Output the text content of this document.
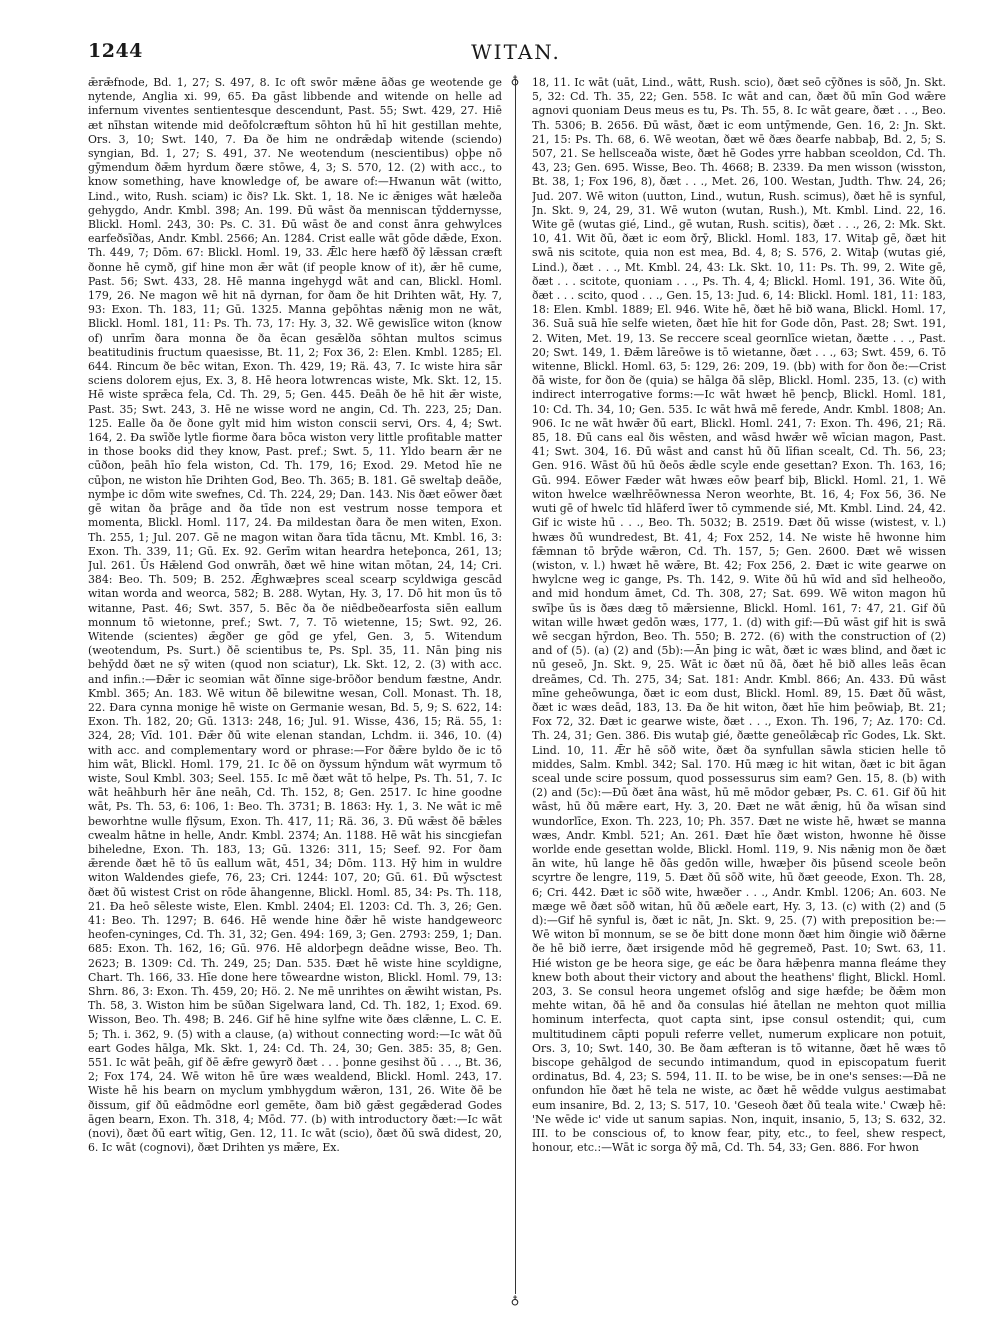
1244	WITAN.
♁
♁

ǣrǣfnode, Bd. 1, 27; S. 497, 8. Ic oft swōr mǣne āðas ge weotende ge nytende, Anglia xi. 99, 65. Ða gāst libbende and witende on helle ad infernum viventes sentientesque descendunt, Past. 55; Swt. 429, 27. Hiē æt nīhstan witende mid deōfolcræftum sōhton hū hī hit gestillan mehte, Ors. 3, 10; Swt. 140, 7. Ða ðe him ne ondrǣdaþ witende (sciendo) syngian, Bd. 1, 27; S. 491, 37. Ne weotendum (nescientibus) oþþe nō gȳmendum ðǣm hyrdum ðære stōwe, 4, 3; S. 570, 12. (2) with acc., to know something, have knowledge of, be aware of:—Hwanun wāt (witto, Lind., wito, Rush. sciam) ic ðis? Lk. Skt. 1, 18. Ne ic ǣniges wāt hæleða gehygdo, Andr. Kmbl. 398; An. 199. Ðū wāst ða menniscan tȳddernysse, Blickl. Homl. 243, 30: Ps. C. 31. Ðū wāst ðe and const ānra gehwylces earfeðsīðas, Andr. Kmbl. 2566; An. 1284. Crist ealle wāt gōde dǣde, Exon. Th. 449, 7; Dōm. 67: Blickl. Homl. 19, 33. Ǣlc here hæfð ðȳ lǣssan cræft ðonne hē cymð, gif hine mon ǣr wāt (if people know of it), ǣr hē cume, Past. 56; Swt. 433, 28. Hē manna ingehygd wāt and can, Blickl. Homl. 179, 26. Ne magon wē hit nā dyrnan, for ðam ðe hit Drihten wāt, Hy. 7, 93: Exon. Th. 183, 11; Gū. 1325. Manna geþōhtas nǣnig mon ne wāt, Blickl. Homl. 181, 11: Ps. Th. 73, 17: Hy. 3, 32. Wē gewislīce witon (know of) unrīm ðara monna ðe ða ēcan gesǣlða sōhtan multos scimus beatitudinis fructum quaesisse, Bt. 11, 2; Fox 36, 2: Elen. Kmbl. 1285; El. 644. Rincum ðe bēc witan, Exon. Th. 429, 19; Rä. 43, 7. Ic wiste hira sār sciens dolorem ejus, Ex. 3, 8. Hē heora lotwrencas wiste, Mk. Skt. 12, 15. Hē wiste sprǣca fela, Cd. Th. 29, 5; Gen. 445. Ðeāh ðe hē hit ǣr wiste, Past. 35; Swt. 243, 3. Hē ne wisse word ne angin, Cd. Th. 223, 25; Dan. 125. Ealle ða ðe ðone gylt mid him wiston conscii servi, Ors. 4, 4; Swt. 164, 2. Ða swīðe lytle fiorme ðara bōca wiston very little profitable matter in those books did they know, Past. pref.; Swt. 5, 11. Yldo bearn ǣr ne cūðon, þeāh hīo fela wiston, Cd. Th. 179, 16; Exod. 29. Metod hīe ne cūþon, ne wiston hīe Drihten God, Beo. Th. 365; B. 181. Gē sweltaþ deāðe, nymþe ic dōm wite swefnes, Cd. Th. 224, 29; Dan. 143. Nis ðæt eōwer ðæt gē witan ða þrāge and ða tīde non est vestrum nosse tempora et momenta, Blickl. Homl. 117, 24. Ða mildestan ðara ðe men witen, Exon. Th. 255, 1; Jul. 207. Gē ne magon witan ðara tīda tācnu, Mt. Kmbl. 16, 3: Exon. Th. 339, 11; Gū. Ex. 92. Gerīm witan heardra heteþonca, 261, 13; Jul. 261. Ūs Hǣlend God onwrāh, ðæt wē hine witan mōtan, 24, 14; Cri. 384: Beo. Th. 509; B. 252. Ǣghwæþres sceal scearp scyldwiga gescād witan worda and weorca, 582; B. 288. Wytan, Hy. 3, 17. Dō hit mon ūs tō witanne, Past. 46; Swt. 357, 5. Bēc ða ðe niēdbeðearfosta siēn eallum monnum tō wietonne, pref.; Swt. 7, 7. Tō wietenne, 15; Swt. 92, 26. Witende (scientes) ǣgðer ge gōd ge yfel, Gen. 3, 5. Witendum (weotendum, Ps. Surt.) ðē scientibus te, Ps. Spl. 35, 11. Nān þing nis behȳdd ðæt ne sȳ witen (quod non sciatur), Lk. Skt. 12, 2. (3) with acc. and infin.:—Ðǣr ic seomian wāt ðīnne sige-brōðor bendum fæstne, Andr. Kmbl. 365; An. 183. Wē witun ðē bilewitne wesan, Coll. Monast. Th. 18, 22. Ðara cynna monige hē wiste on Germanie wesan, Bd. 5, 9; S. 622, 14: Exon. Th. 182, 20; Gū. 1313: 248, 16; Jul. 91. Wisse, 436, 15; Rä. 55, 1: 324, 28; Vīd. 101. Ðǣr ðū wite elenan standan, Lchdm. ii. 346, 10. (4) with acc. and complementary word or phrase:—For ðǣre byldo ðe ic tō him wāt, Blickl. Homl. 179, 21. Ic ðē on ðyssum hȳndum wāt wyrmum tō wiste, Soul Kmbl. 303; Seel. 155. Ic mē ðæt wāt tō helpe, Ps. Th. 51, 7. Ic wāt heāhburh hēr āne neāh, Cd. Th. 152, 8; Gen. 2517. Ic hine goodne wāt, Ps. Th. 53, 6: 106, 1: Beo. Th. 3731; B. 1863: Hy. 1, 3. Ne wāt ic mē beworhtne wulle flȳsum, Exon. Th. 417, 11; Rä. 36, 3. Ðū wǣst ðē bǣles cwealm hātne in helle, Andr. Kmbl. 2374; An. 1188. Hē wāt his sincgiefan biheledne, Exon. Th. 183, 13; Gū. 1326: 311, 15; Seef. 92. For ðam ǣrende ðæt hē tō ūs eallum wāt, 451, 34; Dōm. 113. Hȳ him in wuldre witon Waldendes giefe, 76, 23; Cri. 1244: 107, 20; Gū. 61. Ðū wȳsctest ðæt ðū wistest Crist on rōde āhangenne, Blickl. Homl. 85, 34: Ps. Th. 118, 21. Ða heō sēleste wiste, Elen. Kmbl. 2404; El. 1203: Cd. Th. 3, 26; Gen. 41: Beo. Th. 1297; B. 646. Hē wende hine ðǣr hē wiste handgeweorc heofen-cyninges, Cd. Th. 31, 32; Gen. 494: 169, 3; Gen. 2793: 259, 1; Dan. 685: Exon. Th. 162, 16; Gū. 976. Hē aldorþegn deādne wisse, Beo. Th. 2623; B. 1309: Cd. Th. 249, 25; Dan. 535. Ðæt hē wiste hine scyldigne, Chart. Th. 166, 33. Hīe done here tōweardne wiston, Blickl. Homl. 79, 13: Shrn. 86, 3: Exon. Th. 459, 20; Hö. 2. Ne mē unrihtes on ǣwiht wistan, Ps. Th. 58, 3. Wiston him be sūðan Sigelwara land, Cd. Th. 182, 1; Exod. 69. Wisson, Beo. Th. 498; B. 246. Gif hē hine sylfne wite ðæs clǣnne, L. C. E. 5; Th. i. 362, 9. (5) with a clause, (a) without connecting word:—Ic wāt ðū eart Godes hālga, Mk. Skt. 1, 24: Cd. Th. 24, 30; Gen. 385: 35, 8; Gen. 551. Ic wāt þeāh, gif ðē ǣfre gewyrð ðæt . . . þonne gesihst ðū . . ., Bt. 36, 2; Fox 174, 24. Wē witon hē ūre wæs wealdend, Blickl. Homl. 243, 17. Wiste hē his bearn on myclum ymbhygdum wǣron, 131, 26. Wite ðē be ðissum, gif ðū eādmōdne eorl gemēte, ðam bið gǣst gegǣderad Godes āgen bearn, Exon. Th. 318, 4; Mōd. 77. (b) with introductory ðæt:—Ic wāt (novi), ðæt ðū eart wītig, Gen. 12, 11. Ic wāt (scio), ðæt ðū swā didest, 20, 6. Ic wāt (cognovi), ðæt Drihten ys mǣre, Ex.

18, 11. Ic wāt (uāt, Lind., wātt, Rush. scio), ðæt seō cȳðnes is sōð, Jn. Skt. 5, 32: Cd. Th. 35, 22; Gen. 558. Ic wāt and can, ðæt ðū mīn God wǣre agnovi quoniam Deus meus es tu, Ps. Th. 55, 8. Ic wāt geare, ðæt . . ., Beo. Th. 5306; B. 2656. Ðū wāst, ðæt ic eom untȳmende, Gen. 16, 2: Jn. Skt. 21, 15: Ps. Th. 68, 6. Wē weotan, ðæt wē ðæs ðearfe nabbaþ, Bd. 2, 5; S. 507, 21. Se hellsceaða wiste, ðæt hē Godes yrre habban sceoldon, Cd. Th. 43, 23; Gen. 695. Wisse, Beo. Th. 4668; B. 2339. Ða men wisson (wisston, Bt. 38, 1; Fox 196, 8), ðæt . . ., Met. 26, 100. Westan, Judth. Thw. 24, 26; Jud. 207. Wē witon (uutton, Lind., wutun, Rush. scimus), ðæt hē is synful, Jn. Skt. 9, 24, 29, 31. Wē wuton (wutan, Rush.), Mt. Kmbl. Lind. 22, 16. Wite gē (wutas gié, Lind., gē wutan, Rush. scitis), ðæt . . ., 26, 2: Mk. Skt. 10, 41. Wit ðū, ðæt ic eom ðrȳ, Blickl. Homl. 183, 17. Witaþ gē, ðæt hit swā nis scitote, quia non est mea, Bd. 4, 8; S. 576, 2. Witaþ (wutas gié, Lind.), ðæt . . ., Mt. Kmbl. 24, 43: Lk. Skt. 10, 11: Ps. Th. 99, 2. Wite gē, ðæt . . . scitote, quoniam . . ., Ps. Th. 4, 4; Blickl. Homl. 191, 36. Wite ðū, ðæt . . . scito, quod . . ., Gen. 15, 13: Jud. 6, 14: Blickl. Homl. 181, 11: 183, 18: Elen. Kmbl. 1889; El. 946. Wite hē, ðæt hē bið wana, Blickl. Homl. 17, 36. Suā suā hīe selfe wieten, ðæt hīe hit for Gode dōn, Past. 28; Swt. 191, 2. Witen, Met. 19, 13. Se reccere sceal geornlīce wietan, ðætte . . ., Past. 20; Swt. 149, 1. Ðǣm lāreōwe is tō wietanne, ðæt . . ., 63; Swt. 459, 6. Tō witenne, Blickl. Homl. 63, 5: 129, 26: 209, 19. (bb) with for ðon ðe:—Crist ðā wiste, for ðon ðe (quia) se hālga ðā slēp, Blickl. Homl. 235, 13. (c) with indirect interrogative forms:—Ic wāt hwæt hē þencþ, Blickl. Homl. 181, 10: Cd. Th. 34, 10; Gen. 535. Ic wāt hwā mē ferede, Andr. Kmbl. 1808; An. 906. Ic ne wāt hwǣr ðū eart, Blickl. Homl. 241, 7: Exon. Th. 496, 21; Rä. 85, 18. Ðū cans eal ðis wēsten, and wāsd hwǣr wē wīcian magon, Past. 41; Swt. 304, 16. Ðū wāst and canst hū ðū līfian scealt, Cd. Th. 56, 23; Gen. 916. Wāst ðū hū ðeōs ǣdle scyle ende gesettan? Exon. Th. 163, 16; Gū. 994. Eōwer Fæder wāt hwæs eōw þearf biþ, Blickl. Homl. 21, 1. Wē witon hwelce wælhrēōwnessa Neron weorhte, Bt. 16, 4; Fox 56, 36. Ne wuti gē of hwelc tīd hlāferd īwer tō cymmende sié, Mt. Kmbl. Lind. 24, 42. Gif ic wiste hū . . ., Beo. Th. 5032; B. 2519. Ðæt ðū wisse (wistest, v. l.) hwæs ðū wundredest, Bt. 41, 4; Fox 252, 14. Ne wiste hē hwonne him fǣmnan tō brȳde wǣron, Cd. Th. 157, 5; Gen. 2600. Ðæt wē wissen (wiston, v. l.) hwæt hē wǣre, Bt. 42; Fox 256, 2. Ðæt ic wite gearwe on hwylcne weg ic gange, Ps. Th. 142, 9. Wite ðū hū wīd and sīd helheoðo, and mid hondum āmet, Cd. Th. 308, 27; Sat. 699. Wē witon magon hū swīþe ūs is ðæs dæg tō mǣrsienne, Blickl. Homl. 161, 7: 47, 21. Gif ðū witan wille hwæt gedōn wæs, 177, 1. (d) with gif:—Ðū wāst gif hit is swā wē secgan hȳrdon, Beo. Th. 550; B. 272. (6) with the construction of (2) and of (5). (a) (2) and (5b):—Ān þing ic wāt, ðæt ic wæs blind, and ðæt ic nū geseō, Jn. Skt. 9, 25. Wāt ic ðæt nū ðā, ðæt hē bið alles leās ēcan dreāmes, Cd. Th. 275, 34; Sat. 181: Andr. Kmbl. 866; An. 433. Ðū wāst mīne geheōwunga, ðæt ic eom dust, Blickl. Homl. 89, 15. Ðæt ðū wāst, ðæt ic wæs deād, 183, 13. Ða ðe hit witon, ðæt hīe him þeōwiaþ, Bt. 21; Fox 72, 32. Ðæt ic gearwe wiste, ðæt . . ., Exon. Th. 196, 7; Az. 170: Cd. Th. 24, 31; Gen. 386. Ðis wutaþ gié, ðætte geneōlǣcaþ rīc Godes, Lk. Skt. Lind. 10, 11. Ǣr hē sōð wite, ðæt ða synfullan sāwla sticien helle tō middes, Salm. Kmbl. 342; Sal. 170. Hū mæg ic hit witan, ðæt ic bit āgan sceal unde scire possum, quod possessurus sim eam? Gen. 15, 8. (b) with (2) and (5c):—Ðū ðæt āna wāst, hū mē mōdor gebær, Ps. C. 61. Gif ðū hit wāst, hū ðū mǣre eart, Hy. 3, 20. Ðæt ne wāt ǣnig, hū ða wīsan sind wundorlīce, Exon. Th. 223, 10; Ph. 357. Ðæt ne wiste hē, hwæt se manna wæs, Andr. Kmbl. 521; An. 261. Ðæt hīe ðæt wiston, hwonne hē ðisse worlde ende gesettan wolde, Blickl. Homl. 119, 9. Nis nǣnig mon ðe ðæt ān wite, hū lange hē ðās gedōn wille, hwæþer ðis þūsend sceole beōn scyrtre ðe lengre, 119, 5. Ðæt ðū sōð wite, hū ðæt geeode, Exon. Th. 28, 6; Cri. 442. Ðæt ic sōð wite, hwæðer . . ., Andr. Kmbl. 1206; An. 603. Ne mæge wē ðæt sōð witan, hū ðū æðele eart, Hy. 3, 13. (c) with (2) and (5 d):—Gif hē synful is, ðæt ic nāt, Jn. Skt. 9, 25. (7) with preposition be:—Wē witon bī monnum, se se ðe bitt done monn ðæt him ðingie wið ðǣrne ðe hē bið ierre, ðæt irsigende mōd hē gegremeð, Past. 10; Swt. 63, 11. Hié wiston ge be heora sige, ge eác be ðara hǣþenra manna fleáme they knew both about their victory and about the heathens' flight, Blickl. Homl. 203, 3. Se consul heora ungemet ofslōg and sige hæfde; be ðǣm mon mehte witan, ðā hē and ða consulas hié ātellan ne mehton quot millia hominum interfecta, quot capta sint, ipse consul ostendit; qui, cum multitudinem cāpti populi referre vellet, numerum explicare non potuit, Ors. 3, 10; Swt. 140, 30. Be ðam æfteran is tō witanne, ðæt hē wæs tō biscope gehālgod de secundo intimandum, quod in episcopatum fuerit ordinatus, Bd. 4, 23; S. 594, 11. II. to be wise, be in one's senses:—Ðā ne onfundon hīe ðæt hē tela ne wiste, ac ðæt hē wēdde vulgus aestimabat eum insanire, Bd. 2, 13; S. 517, 10. 'Geseoh ðæt ðū teala wite.' Cwæþ hē: 'Ne wēde ic' vide ut sanum sapias. Non, inquit, insanio, 5, 13; S. 632, 32. III. to be conscious of, to know fear, pity, etc., to feel, shew respect, honour, etc.:—Wāt ic sorga ðȳ mā, Cd. Th. 54, 33; Gen. 886. For hwon
